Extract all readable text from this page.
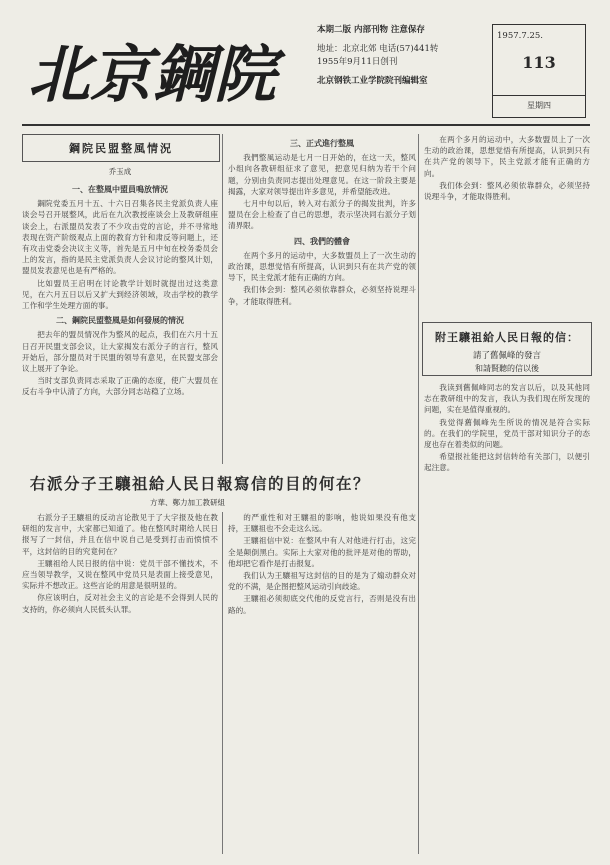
北京鋼院
本期二版 内部刊物 注意保存
地址：北京北郊 电话(57)441转
1955年9月11日创刊
北京钢铁工业学院院刊编辑室
1957.7.25.
113
星期四
鋼院民盟整風情況
乔玉成
一、在整風中盟員鳴放情況

鋼院党委五月十五、十六日召集各民主党派负责人座谈会号召开展整风，此后在九次教授座谈会上及教研组座谈会上，右派盟员发表了不少攻击党的言论，并不寻常地表现在资产阶级观点上面的教育方针和肃反等问题上，还有攻击党委会决议主义等，首先是五月中旬在校务委员会上的发言，指的是民主党派负责人会议讨论的整风计划，盟员发表意见也是有严格的。

比如盟员王启明在讨论教学计划时就提出过这类意见，在六月五日以后又扩大到经济领域，攻击学校的教学工作和学生处理方面的事。

二、鋼院民盟整風是如何發展的情況

把去年的盟员情况作为整风的起点，我们在六月十五日召开民盟支部会议，让大家揭发右派分子的言行，整风开始后，部分盟员对于民盟的领导有意见，在民盟支部会议上展开了争论。

当时支部负责同志采取了正确的态度，使广大盟员在反右斗争中认清了方向，大部分同志站稳了立场。

三、正式進行整風

我們整風运动是七月一日开始的，在这一天，整风小组向各教研组征求了意见，把意见归纳为若干个问题，分别由负责同志提出处理意见。在这一阶段主要是揭露，大家对领导提出许多意见，并希望能改进。

七月中旬以后，转入对右派分子的揭发批判，许多盟员在会上检查了自己的思想，表示坚决同右派分子划清界限。

四、我們的體會

在两个多月的运动中，大多数盟员上了一次生动的政治课，思想觉悟有所提高，认识到只有在共产党的领导下，民主党派才能有正确的方向。

我们体会到：整风必须依靠群众，必须坚持说理斗争，才能取得胜利。

右派分子王驤祖給人民日報寫信的目的何在？
方華、鄭力加工教研組

右派分子王驤祖的反动言论散见于了大字报及他在教研组的发言中，大家都已知道了。他在整风时期给人民日报写了一封信，并且在信中说自己是受到打击而愤愤不平，这封信的目的究竟何在？

王驤祖给人民日报的信中说：党员干部不懂技术，不应当领导教学，又说在整风中党员只是表面上接受意见，实际并不想改正。这些言论的用意是很明显的。

你应该明白，反对社会主义的言论是不会得到人民的支持的，你必须向人民低头认罪。

的严重性和对王驤祖的影响，他说如果没有他支持，王驤祖也不会走这么远。

王驤祖信中说：在整风中有人对他进行打击，这完全是颠倒黑白。实际上大家对他的批评是对他的帮助，他却把它看作是打击报复。

我们认为王驤祖写这封信的目的是为了煽动群众对党的不满，是企图把整风运动引向歧途。

王驤祖必须彻底交代他的反党言行，否则是没有出路的。

在两个多月的运动中，大多数盟员上了一次生动的政治课，思想觉悟有所提高，认识到只有在共产党的领导下，民主党派才能有正确的方向。

我们体会到：整风必须依靠群众，必须坚持说理斗争，才能取得胜利。

附王驤祖給人民日報的信：
請了舊佩峰的發言
和請賢聽的信以後

我读到舊佩峰同志的发言以后，以及其他同志在教研组中的发言，我认为我们现在所发现的问题，实在是值得重视的。

我觉得舊佩峰先生所说的情况是符合实际的。在我们的学院里，党员干部对知识分子的态度也存在着类似的问题。

希望报社能把这封信转给有关部门，以便引起注意。
